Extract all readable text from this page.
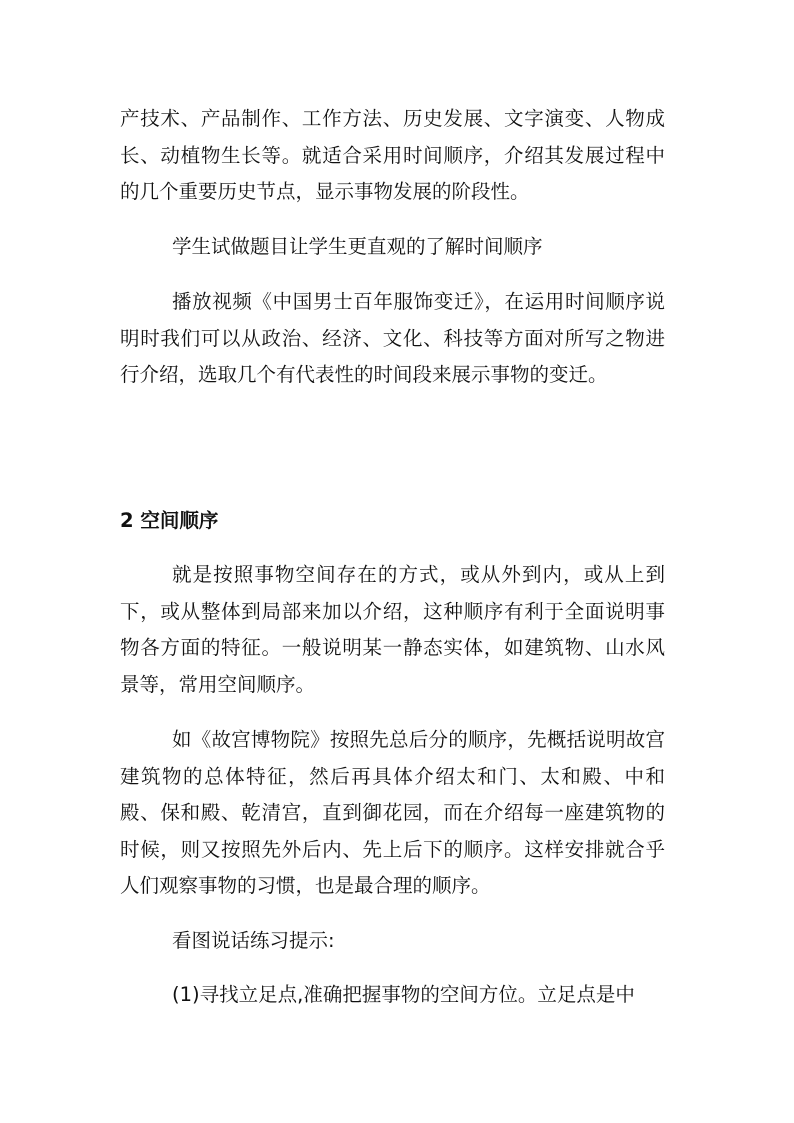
产技术、产品制作、工作方法、历史发展、文字演变、人物成长、动植物生长等。就适合采用时间顺序，介绍其发展过程中的几个重要历史节点，显示事物发展的阶段性。

学生试做题目让学生更直观的了解时间顺序

播放视频《中国男士百年服饰变迁》，在运用时间顺序说明时我们可以从政治、经济、文化、科技等方面对所写之物进行介绍，选取几个有代表性的时间段来展示事物的变迁。

2 空间顺序

就是按照事物空间存在的方式，或从外到内，或从上到下，或从整体到局部来加以介绍，这种顺序有利于全面说明事物各方面的特征。一般说明某一静态实体，如建筑物、山水风景等，常用空间顺序。

如《故宫博物院》按照先总后分的顺序，先概括说明故宫建筑物的总体特征，然后再具体介绍太和门、太和殿、中和殿、保和殿、乾清宫，直到御花园，而在介绍每一座建筑物的时候，则又按照先外后内、先上后下的顺序。这样安排就合乎人们观察事物的习惯，也是最合理的顺序。

看图说话练习提示:

(1)寻找立足点,准确把握事物的空间方位。立足点是中
